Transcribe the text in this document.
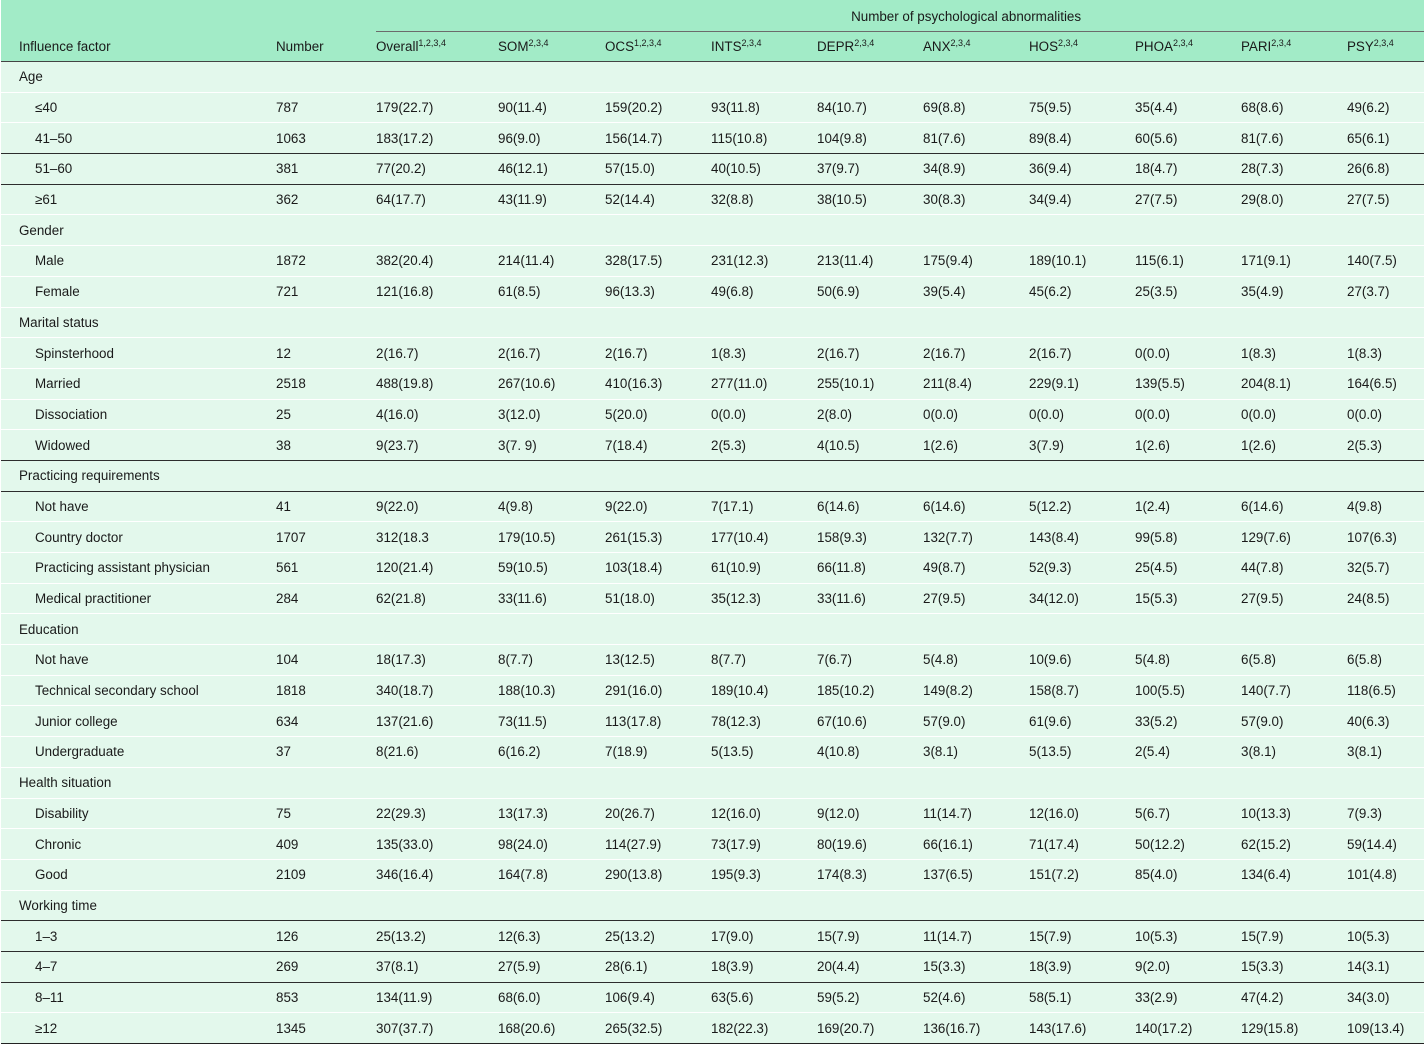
		Number of psychological abnormalities									
Influence factor	Number	Overall$^{1,2,3,4}$	SOM$^{2,3,4}$	OCS$^{1,2,3,4}$	INTS$^{2,3,4}$	DEPR$^{2,3,4}$	ANX$^{2,3,4}$	HOS$^{2,3,4}$	PHOA$^{2,3,4}$	PARI$^{2,3,4}$	PSY$^{2,3,4}$
Age											
≤40	787	179(22.7)	90(11.4)	159(20.2)	93(11.8)	84(10.7)	69(8.8)	75(9.5)	35(4.4)	68(8.6)	49(6.2)
41–50	1063	183(17.2)	96(9.0)	156(14.7)	115(10.8)	104(9.8)	81(7.6)	89(8.4)	60(5.6)	81(7.6)	65(6.1)
51–60	381	77(20.2)	46(12.1)	57(15.0)	40(10.5)	37(9.7)	34(8.9)	36(9.4)	18(4.7)	28(7.3)	26(6.8)
≥61	362	64(17.7)	43(11.9)	52(14.4)	32(8.8)	38(10.5)	30(8.3)	34(9.4)	27(7.5)	29(8.0)	27(7.5)
Gender											
Male	1872	382(20.4)	214(11.4)	328(17.5)	231(12.3)	213(11.4)	175(9.4)	189(10.1)	115(6.1)	171(9.1)	140(7.5)
Female	721	121(16.8)	61(8.5)	96(13.3)	49(6.8)	50(6.9)	39(5.4)	45(6.2)	25(3.5)	35(4.9)	27(3.7)
Marital status											
Spinsterhood	12	2(16.7)	2(16.7)	2(16.7)	1(8.3)	2(16.7)	2(16.7)	2(16.7)	0(0.0)	1(8.3)	1(8.3)
Married	2518	488(19.8)	267(10.6)	410(16.3)	277(11.0)	255(10.1)	211(8.4)	229(9.1)	139(5.5)	204(8.1)	164(6.5)
Dissociation	25	4(16.0)	3(12.0)	5(20.0)	0(0.0)	2(8.0)	0(0.0)	0(0.0)	0(0.0)	0(0.0)	0(0.0)
Widowed	38	9(23.7)	3(7. 9)	7(18.4)	2(5.3)	4(10.5)	1(2.6)	3(7.9)	1(2.6)	1(2.6)	2(5.3)
Practicing requirements											
Not have	41	9(22.0)	4(9.8)	9(22.0)	7(17.1)	6(14.6)	6(14.6)	5(12.2)	1(2.4)	6(14.6)	4(9.8)
Country doctor	1707	312(18.3	179(10.5)	261(15.3)	177(10.4)	158(9.3)	132(7.7)	143(8.4)	99(5.8)	129(7.6)	107(6.3)
Practicing assistant physician	561	120(21.4)	59(10.5)	103(18.4)	61(10.9)	66(11.8)	49(8.7)	52(9.3)	25(4.5)	44(7.8)	32(5.7)
Medical practitioner	284	62(21.8)	33(11.6)	51(18.0)	35(12.3)	33(11.6)	27(9.5)	34(12.0)	15(5.3)	27(9.5)	24(8.5)
Education											
Not have	104	18(17.3)	8(7.7)	13(12.5)	8(7.7)	7(6.7)	5(4.8)	10(9.6)	5(4.8)	6(5.8)	6(5.8)
Technical secondary school	1818	340(18.7)	188(10.3)	291(16.0)	189(10.4)	185(10.2)	149(8.2)	158(8.7)	100(5.5)	140(7.7)	118(6.5)
Junior college	634	137(21.6)	73(11.5)	113(17.8)	78(12.3)	67(10.6)	57(9.0)	61(9.6)	33(5.2)	57(9.0)	40(6.3)
Undergraduate	37	8(21.6)	6(16.2)	7(18.9)	5(13.5)	4(10.8)	3(8.1)	5(13.5)	2(5.4)	3(8.1)	3(8.1)
Health situation											
Disability	75	22(29.3)	13(17.3)	20(26.7)	12(16.0)	9(12.0)	11(14.7)	12(16.0)	5(6.7)	10(13.3)	7(9.3)
Chronic	409	135(33.0)	98(24.0)	114(27.9)	73(17.9)	80(19.6)	66(16.1)	71(17.4)	50(12.2)	62(15.2)	59(14.4)
Good	2109	346(16.4)	164(7.8)	290(13.8)	195(9.3)	174(8.3)	137(6.5)	151(7.2)	85(4.0)	134(6.4)	101(4.8)
Working time											
1–3	126	25(13.2)	12(6.3)	25(13.2)	17(9.0)	15(7.9)	11(14.7)	15(7.9)	10(5.3)	15(7.9)	10(5.3)
4–7	269	37(8.1)	27(5.9)	28(6.1)	18(3.9)	20(4.4)	15(3.3)	18(3.9)	9(2.0)	15(3.3)	14(3.1)
8–11	853	134(11.9)	68(6.0)	106(9.4)	63(5.6)	59(5.2)	52(4.6)	58(5.1)	33(2.9)	47(4.2)	34(3.0)
≥12	1345	307(37.7)	168(20.6)	265(32.5)	182(22.3)	169(20.7)	136(16.7)	143(17.6)	140(17.2)	129(15.8)	109(13.4)
